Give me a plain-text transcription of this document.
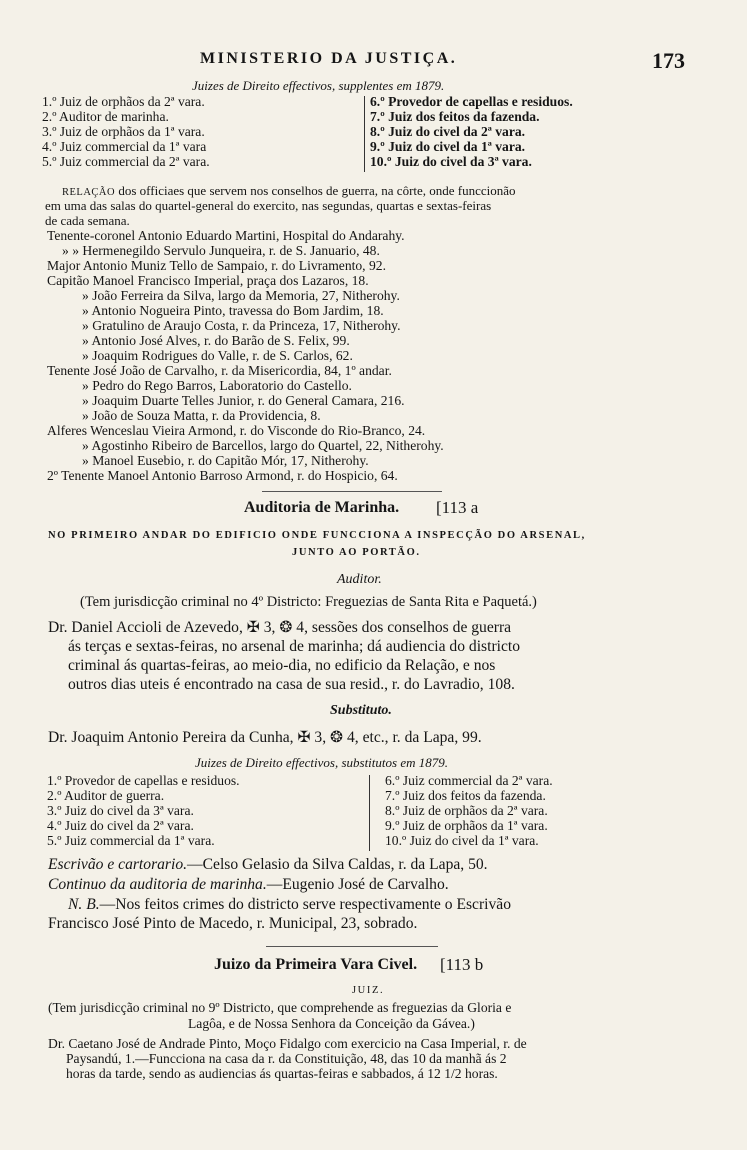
MINISTERIO DA JUSTIÇA.	173
Juizes de Direito effectivos, supplentes em 1879.
1.º Juiz de orphãos da 2ª vara.
2.º Auditor de marinha.
3.º Juiz de orphãos da 1ª vara.
4.º Juiz commercial da 1ª vara
5.º Juiz commercial da 2ª vara.
6.º Provedor de capellas e residuos.
7.º Juiz dos feitos da fazenda.
8.º Juiz do civel da 2ª vara.
9.º Juiz do civel da 1ª vara.
10.º Juiz do civel da 3ª vara.
RELAÇÃO dos officiaes que servem nos conselhos de guerra, na côrte, onde funccionão
em uma das salas do quartel-general do exercito, nas segundas, quartas e sextas-feiras
de cada semana.
Tenente-coronel Antonio Eduardo Martini, Hospital do Andarahy.
» » Hermenegildo Servulo Junqueira, r. de S. Januario, 48.
Major Antonio Muniz Tello de Sampaio, r. do Livramento, 92.
Capitão Manoel Francisco Imperial, praça dos Lazaros, 18.
» João Ferreira da Silva, largo da Memoria, 27, Nitherohy.
» Antonio Nogueira Pinto, travessa do Bom Jardim, 18.
» Gratulino de Araujo Costa, r. da Princeza, 17, Nitherohy.
» Antonio José Alves, r. do Barão de S. Felix, 99.
» Joaquim Rodrigues do Valle, r. de S. Carlos, 62.
Tenente José João de Carvalho, r. da Misericordia, 84, 1º andar.
» Pedro do Rego Barros, Laboratorio do Castello.
» Joaquim Duarte Telles Junior, r. do General Camara, 216.
» João de Souza Matta, r. da Providencia, 8.
Alferes Wenceslau Vieira Armond, r. do Visconde do Rio-Branco, 24.
» Agostinho Ribeiro de Barcellos, largo do Quartel, 22, Nitherohy.
» Manoel Eusebio, r. do Capitão Mór, 17, Nitherohy.
2º Tenente Manoel Antonio Barroso Armond, r. do Hospicio, 64.
Auditoria de Marinha. [113 a
NO PRIMEIRO ANDAR DO EDIFICIO ONDE FUNCCIONA A INSPECÇÃO DO ARSENAL,
JUNTO AO PORTÃO.
Auditor.
(Tem jurisdicção criminal no 4º Districto: Freguezias de Santa Rita e Paquetá.)
Dr. Daniel Accioli de Azevedo, ✠ 3, ❂ 4, sessões dos conselhos de guerra
ás terças e sextas-feiras, no arsenal de marinha; dá audiencia do districto
criminal ás quartas-feiras, ao meio-dia, no edificio da Relação, e nos
outros dias uteis é encontrado na casa de sua resid., r. do Lavradio, 108.
Substituto.
Dr. Joaquim Antonio Pereira da Cunha, ✠ 3, ❂ 4, etc., r. da Lapa, 99.
Juizes de Direito effectivos, substitutos em 1879.
1.º Provedor de capellas e residuos.
2.º Auditor de guerra.
3.º Juiz do civel da 3ª vara.
4.º Juiz do civel da 2ª vara.
5.º Juiz commercial da 1ª vara.
6.º Juiz commercial da 2ª vara.
7.º Juiz dos feitos da fazenda.
8.º Juiz de orphãos da 2ª vara.
9.º Juiz de orphãos da 1ª vara.
10.º Juiz do civel da 1ª vara.
Escrivão e cartorario.—Celso Gelasio da Silva Caldas, r. da Lapa, 50.
Continuo da auditoria de marinha.—Eugenio José de Carvalho.
N. B.—Nos feitos crimes do districto serve respectivamente o Escrivão
Francisco José Pinto de Macedo, r. Municipal, 23, sobrado.
Juizo da Primeira Vara Civel. [113 b
JUIZ.
(Tem jurisdicção criminal no 9º Districto, que comprehende as freguezias da Gloria e
Lagôa, e de Nossa Senhora da Conceição da Gávea.)
Dr. Caetano José de Andrade Pinto, Moço Fidalgo com exercicio na Casa Imperial, r. de
Paysandú, 1.—Funcciona na casa da r. da Constituição, 48, das 10 da manhã ás 2
horas da tarde, sendo as audiencias ás quartas-feiras e sabbados, á 12 1/2 horas.
